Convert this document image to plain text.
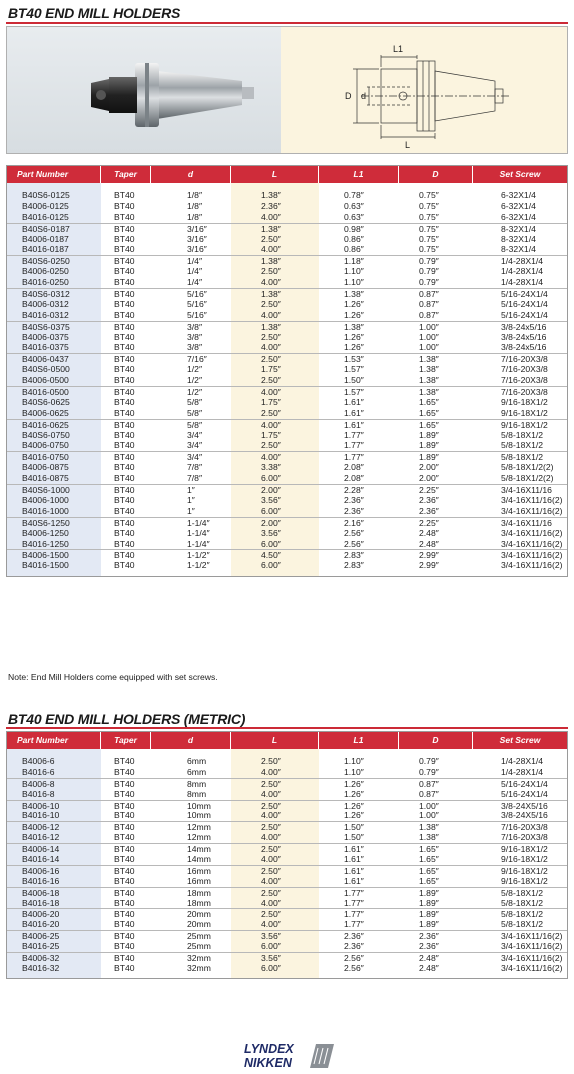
BT40 END MILL HOLDERS
L1
D d
L
Part Number	Taper	d	L	L1	D	Set Screw
B40S6-0125	BT40	1/8″	1.38″	0.78″	0.75″	6-32X1/4
B4006-0125	BT40	1/8″	2.36″	0.63″	0.75″	6-32X1/4
B4016-0125	BT40	1/8″	4.00″	0.63″	0.75″	6-32X1/4
B40S6-0187	BT40	3/16″	1.38″	0.98″	0.75″	8-32X1/4
B4006-0187	BT40	3/16″	2.50″	0.86″	0.75″	8-32X1/4
B4016-0187	BT40	3/16″	4.00″	0.86″	0.75″	8-32X1/4
B40S6-0250	BT40	1/4″	1.38″	1.18″	0.79″	1/4-28X1/4
B4006-0250	BT40	1/4″	2.50″	1.10″	0.79″	1/4-28X1/4
B4016-0250	BT40	1/4″	4.00″	1.10″	0.79″	1/4-28X1/4
B40S6-0312	BT40	5/16″	1.38″	1.38″	0.87″	5/16-24X1/4
B4006-0312	BT40	5/16″	2.50″	1.26″	0.87″	5/16-24X1/4
B4016-0312	BT40	5/16″	4.00″	1.26″	0.87″	5/16-24X1/4
B40S6-0375	BT40	3/8″	1.38″	1.38″	1.00″	3/8-24x5/16
B4006-0375	BT40	3/8″	2.50″	1.26″	1.00″	3/8-24x5/16
B4016-0375	BT40	3/8″	4.00″	1.26″	1.00″	3/8-24x5/16
B4006-0437	BT40	7/16″	2.50″	1.53″	1.38″	7/16-20X3/8
B40S6-0500	BT40	1/2″	1.75″	1.57″	1.38″	7/16-20X3/8
B4006-0500	BT40	1/2″	2.50″	1.50″	1.38″	7/16-20X3/8
B4016-0500	BT40	1/2″	4.00″	1.57″	1.38″	7/16-20X3/8
B40S6-0625	BT40	5/8″	1.75″	1.61″	1.65″	9/16-18X1/2
B4006-0625	BT40	5/8″	2.50″	1.61″	1.65″	9/16-18X1/2
B4016-0625	BT40	5/8″	4.00″	1.61″	1.65″	9/16-18X1/2
B40S6-0750	BT40	3/4″	1.75″	1.77″	1.89″	5/8-18X1/2
B4006-0750	BT40	3/4″	2.50″	1.77″	1.89″	5/8-18X1/2
B4016-0750	BT40	3/4″	4.00″	1.77″	1.89″	5/8-18X1/2
B4006-0875	BT40	7/8″	3.38″	2.08″	2.00″	5/8-18X1/2(2)
B4016-0875	BT40	7/8″	6.00″	2.08″	2.00″	5/8-18X1/2(2)
B40S6-1000	BT40	1″	2.00″	2.28″	2.25″	3/4-16X11/16
B4006-1000	BT40	1″	3.56″	2.36″	2.36″	3/4-16X11/16(2)
B4016-1000	BT40	1″	6.00″	2.36″	2.36″	3/4-16X11/16(2)
B40S6-1250	BT40	1-1/4″	2.00″	2.16″	2.25″	3/4-16X11/16
B4006-1250	BT40	1-1/4″	3.56″	2.56″	2.48″	3/4-16X11/16(2)
B4016-1250	BT40	1-1/4″	6.00″	2.56″	2.48″	3/4-16X11/16(2)
B4006-1500	BT40	1-1/2″	4.50″	2.83″	2.99″	3/4-16X11/16(2)
B4016-1500	BT40	1-1/2″	6.00″	2.83″	2.99″	3/4-16X11/16(2)
Note: End Mill Holders come equipped with set screws.
BT40 END MILL HOLDERS (METRIC)
Part Number	Taper	d	L	L1	D	Set Screw
B4006-6	BT40	6mm	2.50″	1.10″	0.79″	1/4-28X1/4
B4016-6	BT40	6mm	4.00″	1.10″	0.79″	1/4-28X1/4
B4006-8	BT40	8mm	2.50″	1.26″	0.87″	5/16-24X1/4
B4016-8	BT40	8mm	4.00″	1.26″	0.87″	5/16-24X1/4
B4006-10	BT40	10mm	2.50″	1.26″	1.00″	3/8-24X5/16
B4016-10	BT40	10mm	4.00″	1.26″	1.00″	3/8-24X5/16
B4006-12	BT40	12mm	2.50″	1.50″	1.38″	7/16-20X3/8
B4016-12	BT40	12mm	4.00″	1.50″	1.38″	7/16-20X3/8
B4006-14	BT40	14mm	2.50″	1.61″	1.65″	9/16-18X1/2
B4016-14	BT40	14mm	4.00″	1.61″	1.65″	9/16-18X1/2
B4006-16	BT40	16mm	2.50″	1.61″	1.65″	9/16-18X1/2
B4016-16	BT40	16mm	4.00″	1.61″	1.65″	9/16-18X1/2
B4006-18	BT40	18mm	2.50″	1.77″	1.89″	5/8-18X1/2
B4016-18	BT40	18mm	4.00″	1.77″	1.89″	5/8-18X1/2
B4006-20	BT40	20mm	2.50″	1.77″	1.89″	5/8-18X1/2
B4016-20	BT40	20mm	4.00″	1.77″	1.89″	5/8-18X1/2
B4006-25	BT40	25mm	3.56″	2.36″	2.36″	3/4-16X11/16(2)
B4016-25	BT40	25mm	6.00″	2.36″	2.36″	3/4-16X11/16(2)
B4006-32	BT40	32mm	3.56″	2.56″	2.48″	3/4-16X11/16(2)
B4016-32	BT40	32mm	6.00″	2.56″	2.48″	3/4-16X11/16(2)
LYNDEX
NIKKEN
